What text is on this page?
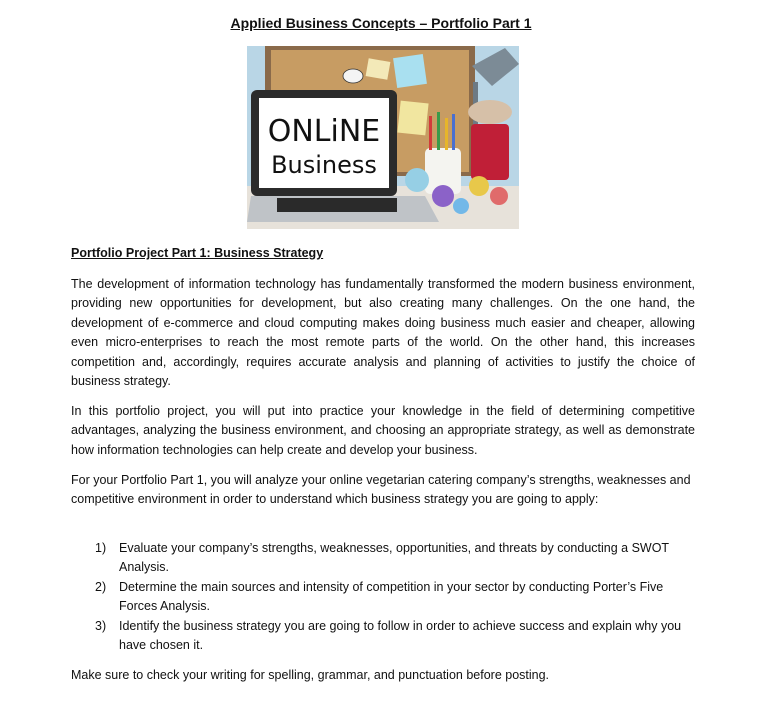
Applied Business Concepts – Portfolio Part 1
ONLiNE
Business
Portfolio Project Part 1: Business Strategy

The development of information technology has fundamentally transformed the modern business environment, providing new opportunities for development, but also creating many challenges. On the one hand, the development of e-commerce and cloud computing makes doing business much easier and cheaper, allowing even micro-enterprises to reach the most remote parts of the world. On the other hand, this increases competition and, accordingly, requires accurate analysis and planning of activities to justify the choice of business strategy.

In this portfolio project, you will put into practice your knowledge in the field of determining competitive advantages, analyzing the business environment, and choosing an appropriate strategy, as well as demonstrate how information technologies can help create and develop your business.

For your Portfolio Part 1, you will analyze your online vegetarian catering company’s strengths, weaknesses and competitive environment in order to understand which business strategy you are going to apply:

1) Evaluate your company’s strengths, weaknesses, opportunities, and threats by conducting a SWOT Analysis.
2) Determine the main sources and intensity of competition in your sector by conducting Porter’s Five Forces Analysis.
3) Identify the business strategy you are going to follow in order to achieve success and explain why you have chosen it.

Make sure to check your writing for spelling, grammar, and punctuation before posting.
